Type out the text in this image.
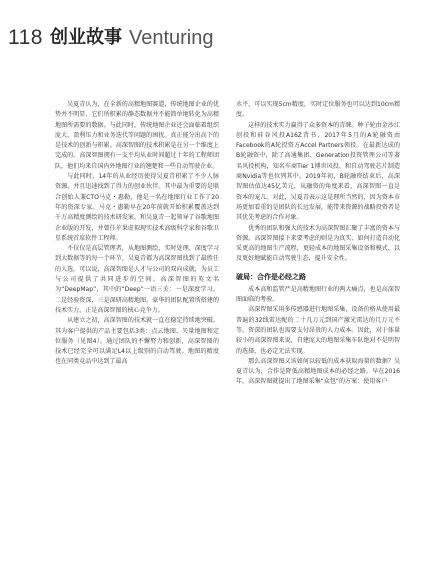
118 创业故事 Venturing

吴夏青认为，在全新的高精地图赛道，传统地图企业的优势并不明显，它们所积累的静态数据并不能简单地转化为高精地图所需要的数据。与此同时，传统地图企业还会面临着组织庞大、盈利压力和业务迭代等问题的困扰。真正能分出高下的是技术的创新与积累。高深智图的技术积累是在另一个维度上完成的。高深智图拥有一支平均从业时间超过十年的工程师团队，他们均来自国内外地图行业的翘楚和一些自动驾驶企业。

与此同时，14年的从业经历使得吴夏青积累了不少人脉资源，并且迅速找到了得力的创业伙伴。其中最为重要的是联合创始人兼CTO马克・惠勒，他是一名在地图行业工作了20年的资深专家。马克・惠勒早在20年前就开始积累覆盖达到千万高精度测绘的技术研发案，和吴夏青一起领导了谷歌地图企业版的开发，并曾任苹果虚拟现实技术高级科学家和谷歌卫星系统首席软件工程师。

不仅仅是高层管理者，从地图测绘、实时处理、深度学习到大数据等的每一个环节，吴夏青都为高深智图找到了最胜任的人选。可以说，高深智图是人才与公司的双向成就，为员工与公司提供了共同进步的空间。高深智图的英文名为“DeepMap”，其中的“Deep”一语三关：一是深度学习，二是经验资深，三是深研高精地图。豪华的团队配置所搭建的技术实力，正是高深智图的核心竞争力。

从建立之初，高深智图的技术就一直在稳定持续地突破。其为客户提供的产品主要包括3类：点云地图、矢量地图和定位服务（见图4）。通过团队的不懈努力和创新，高深智图的技术已经完全可以满足L4以上级别的自动驾驶。地图的精度也在同类竞品中达到了最高

水平，可以实现5cm精度，实时定位服务也可以达到10cm精度。

这样的技术实力赢得了众多资本的青睐。种子轮由金沙江创投和硅谷风投A16Z背书，2017年5月的A轮融资由Facebook的A轮投资方Accel Partners领投。在最新达成的B轮融资中，除了高通集团、Generation投资管理公司等著名风投机构，知名车商Tier 1博世风投、和自动驾驶芯片制造商Nvidia等也位列其中。2019年初，B轮融资结束后，高深智图估值达45亿美元，从融资的角度来看，高深智图一直是资本的宠儿。对此，吴夏青表示这是理所当然的，因为资本市场更加看重的是团队的长远发展，能带来资源的战略投资者是其优先考虑的合作对象。

优秀的团队和强大的技术为高深智图汇聚了丰富的资本与资源。高深智图接下来要考虑的则是为真实、如何打造自动化采更高的地图生产流程，更轻成本的地图采集设备和模式，以及更好地赋能自动驾驶生态，提升安全性。

破局：合作是必经之路

成本高和监管严是高精地图行业的两大痛点，也是高深智图面临的考验。

高深智图采用多传感器进行地图采集，设备价格从使用最普遍的32线雷达配的二十几万元到国产激光雷达的几万元不等。资深的团队也需要支付昂贵的人力成本。因此，对于体量较小的高深智图来说，自建庞大的地图采集车队绝对不是明智的选择，也必定无法实现。

那么高深智图又该如何以较低的成本获取海量的数据？吴夏青认为，合作是降低高精地图成本的必经之路。早在2016年，高深智图就提出了地图采集“众包”的方案：使用客户
